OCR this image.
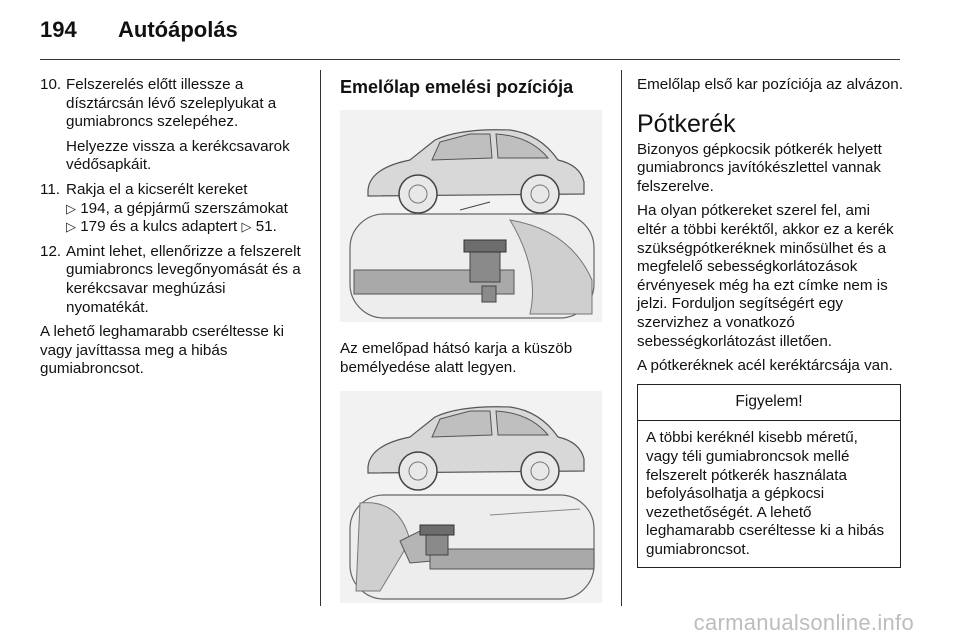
194	Autóápolás
10. Felszerelés előtt illessze a dísztárcsán lévő szeleplyukat a gumiabroncs szelepéhez.

Helyezze vissza a kerékcsavarok védősapkáit.

11. Rakja el a kicserélt kereket
▷ 194, a gépjármű szerszámokat
▷ 179 és a kulcs adaptert ▷ 51.

12. Amint lehet, ellenőrizze a felszerelt gumiabroncs levegőnyomását és a kerékcsavar meghúzási nyomatékát.

A lehető leghamarabb cseréltesse ki vagy javíttassa meg a hibás gumiabroncsot.

Emelőlap emelési pozíciója

Az emelőpad hátsó karja a küszöb bemélyedése alatt legyen.

Emelőlap első kar pozíciója az alvázon.

Pótkerék

Bizonyos gépkocsik pótkerék helyett gumiabroncs javítókészlettel vannak felszerelve.

Ha olyan pótkereket szerel fel, ami eltér a többi keréktől, akkor ez a kerék szükségpótkeréknek minősülhet és a megfelelő sebességkorlátozások érvényesek még ha ezt címke nem is jelzi. Forduljon segítségért egy szervizhez a vonatkozó sebességkorlátozást illetően.

A pótkeréknek acél keréktárcsája van.

Figyelem!

A többi keréknél kisebb méretű, vagy téli gumiabroncsok mellé felszerelt pótkerék használata befolyásolhatja a gépkocsi vezethetőségét. A lehető leghamarabb cseréltesse ki a hibás gumiabroncsot.

carmanualsonline.info
